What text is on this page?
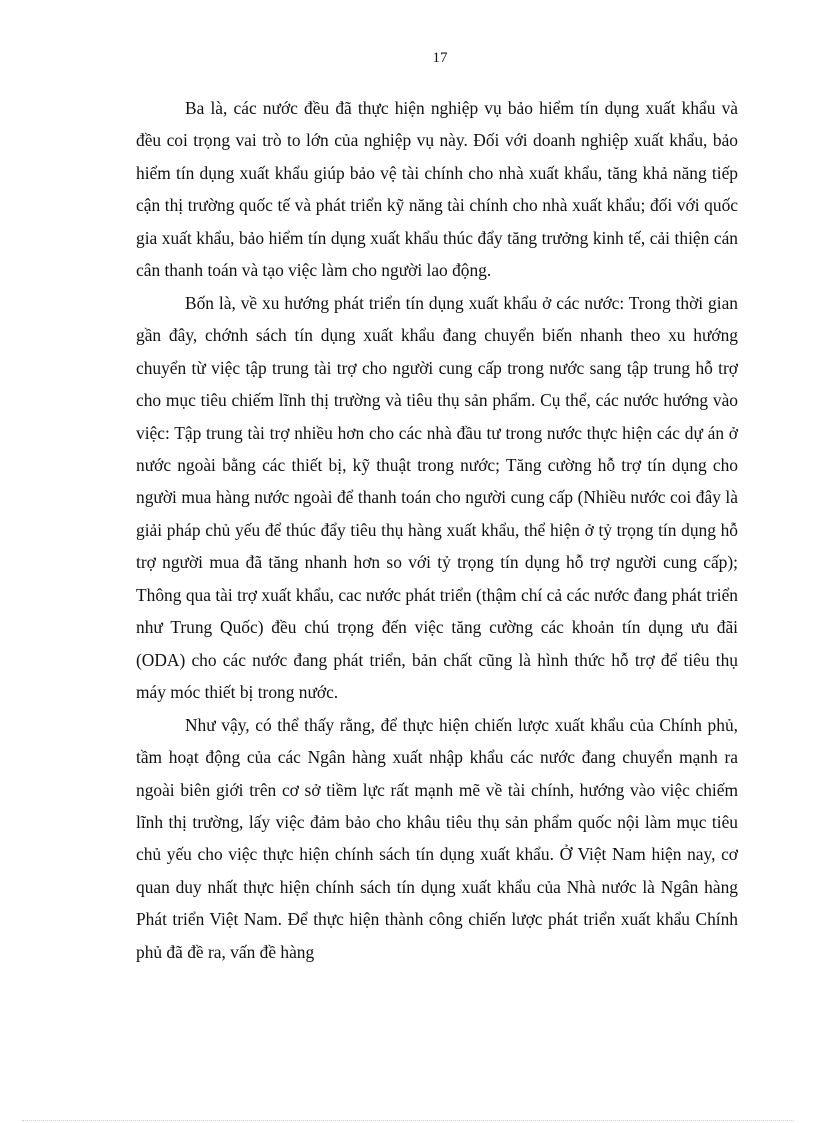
17

Ba là, các nước đều đã thực hiện nghiệp vụ bảo hiểm tín dụng xuất khẩu và đều coi trọng vai trò to lớn của nghiệp vụ này. Đối với doanh nghiệp xuất khẩu, bảo hiểm tín dụng xuất khẩu giúp bảo vệ tài chính cho nhà xuất khẩu, tăng khả năng tiếp cận thị trường quốc tế và phát triển kỹ năng tài chính cho nhà xuất khẩu; đối với quốc gia xuất khẩu, bảo hiểm tín dụng xuất khẩu thúc đẩy tăng trưởng kinh tế, cải thiện cán cân thanh toán và tạo việc làm cho người lao động.

Bốn là, về xu hướng phát triển tín dụng xuất khẩu ở các nước: Trong thời gian gần đây, chớnh sách tín dụng xuất khẩu đang chuyển biến nhanh theo xu hướng chuyển từ việc tập trung tài trợ cho người cung cấp trong nước sang tập trung hỗ trợ cho mục tiêu chiếm lĩnh thị trường và tiêu thụ sản phẩm. Cụ thể, các nước hướng vào việc: Tập trung tài trợ nhiều hơn cho các nhà đầu tư trong nước thực hiện các dự án ở nước ngoài bằng các thiết bị, kỹ thuật trong nước; Tăng cường hỗ trợ tín dụng cho người mua hàng nước ngoài để thanh toán cho người cung cấp (Nhiều nước coi đây là giải pháp chủ yếu để thúc đẩy tiêu thụ hàng xuất khẩu, thể hiện ở tỷ trọng tín dụng hỗ trợ người mua đã tăng nhanh hơn so với tỷ trọng tín dụng hỗ trợ người cung cấp); Thông qua tài trợ xuất khẩu, cac nước phát triển (thậm chí cả các nước đang phát triển như Trung Quốc) đều chú trọng đến việc tăng cường các khoản tín dụng ưu đãi (ODA) cho các nước đang phát triển, bản chất cũng là hình thức hỗ trợ để tiêu thụ máy móc thiết bị trong nước.

Như vậy, có thể thấy rằng, để thực hiện chiến lược xuất khẩu của Chính phủ, tầm hoạt động của các Ngân hàng xuất nhập khẩu các nước đang chuyển mạnh ra ngoài biên giới trên cơ sở tiềm lực rất mạnh mẽ về tài chính, hướng vào việc chiếm lĩnh thị trường, lấy việc đảm bảo cho khâu tiêu thụ sản phẩm quốc nội làm mục tiêu chủ yếu cho việc thực hiện chính sách tín dụng xuất khẩu. Ở Việt Nam hiện nay, cơ quan duy nhất thực hiện chính sách tín dụng xuất khẩu của Nhà nước là Ngân hàng Phát triển Việt Nam. Để thực hiện thành công chiến lược phát triển xuất khẩu Chính phủ đã đề ra, vấn đề hàng
